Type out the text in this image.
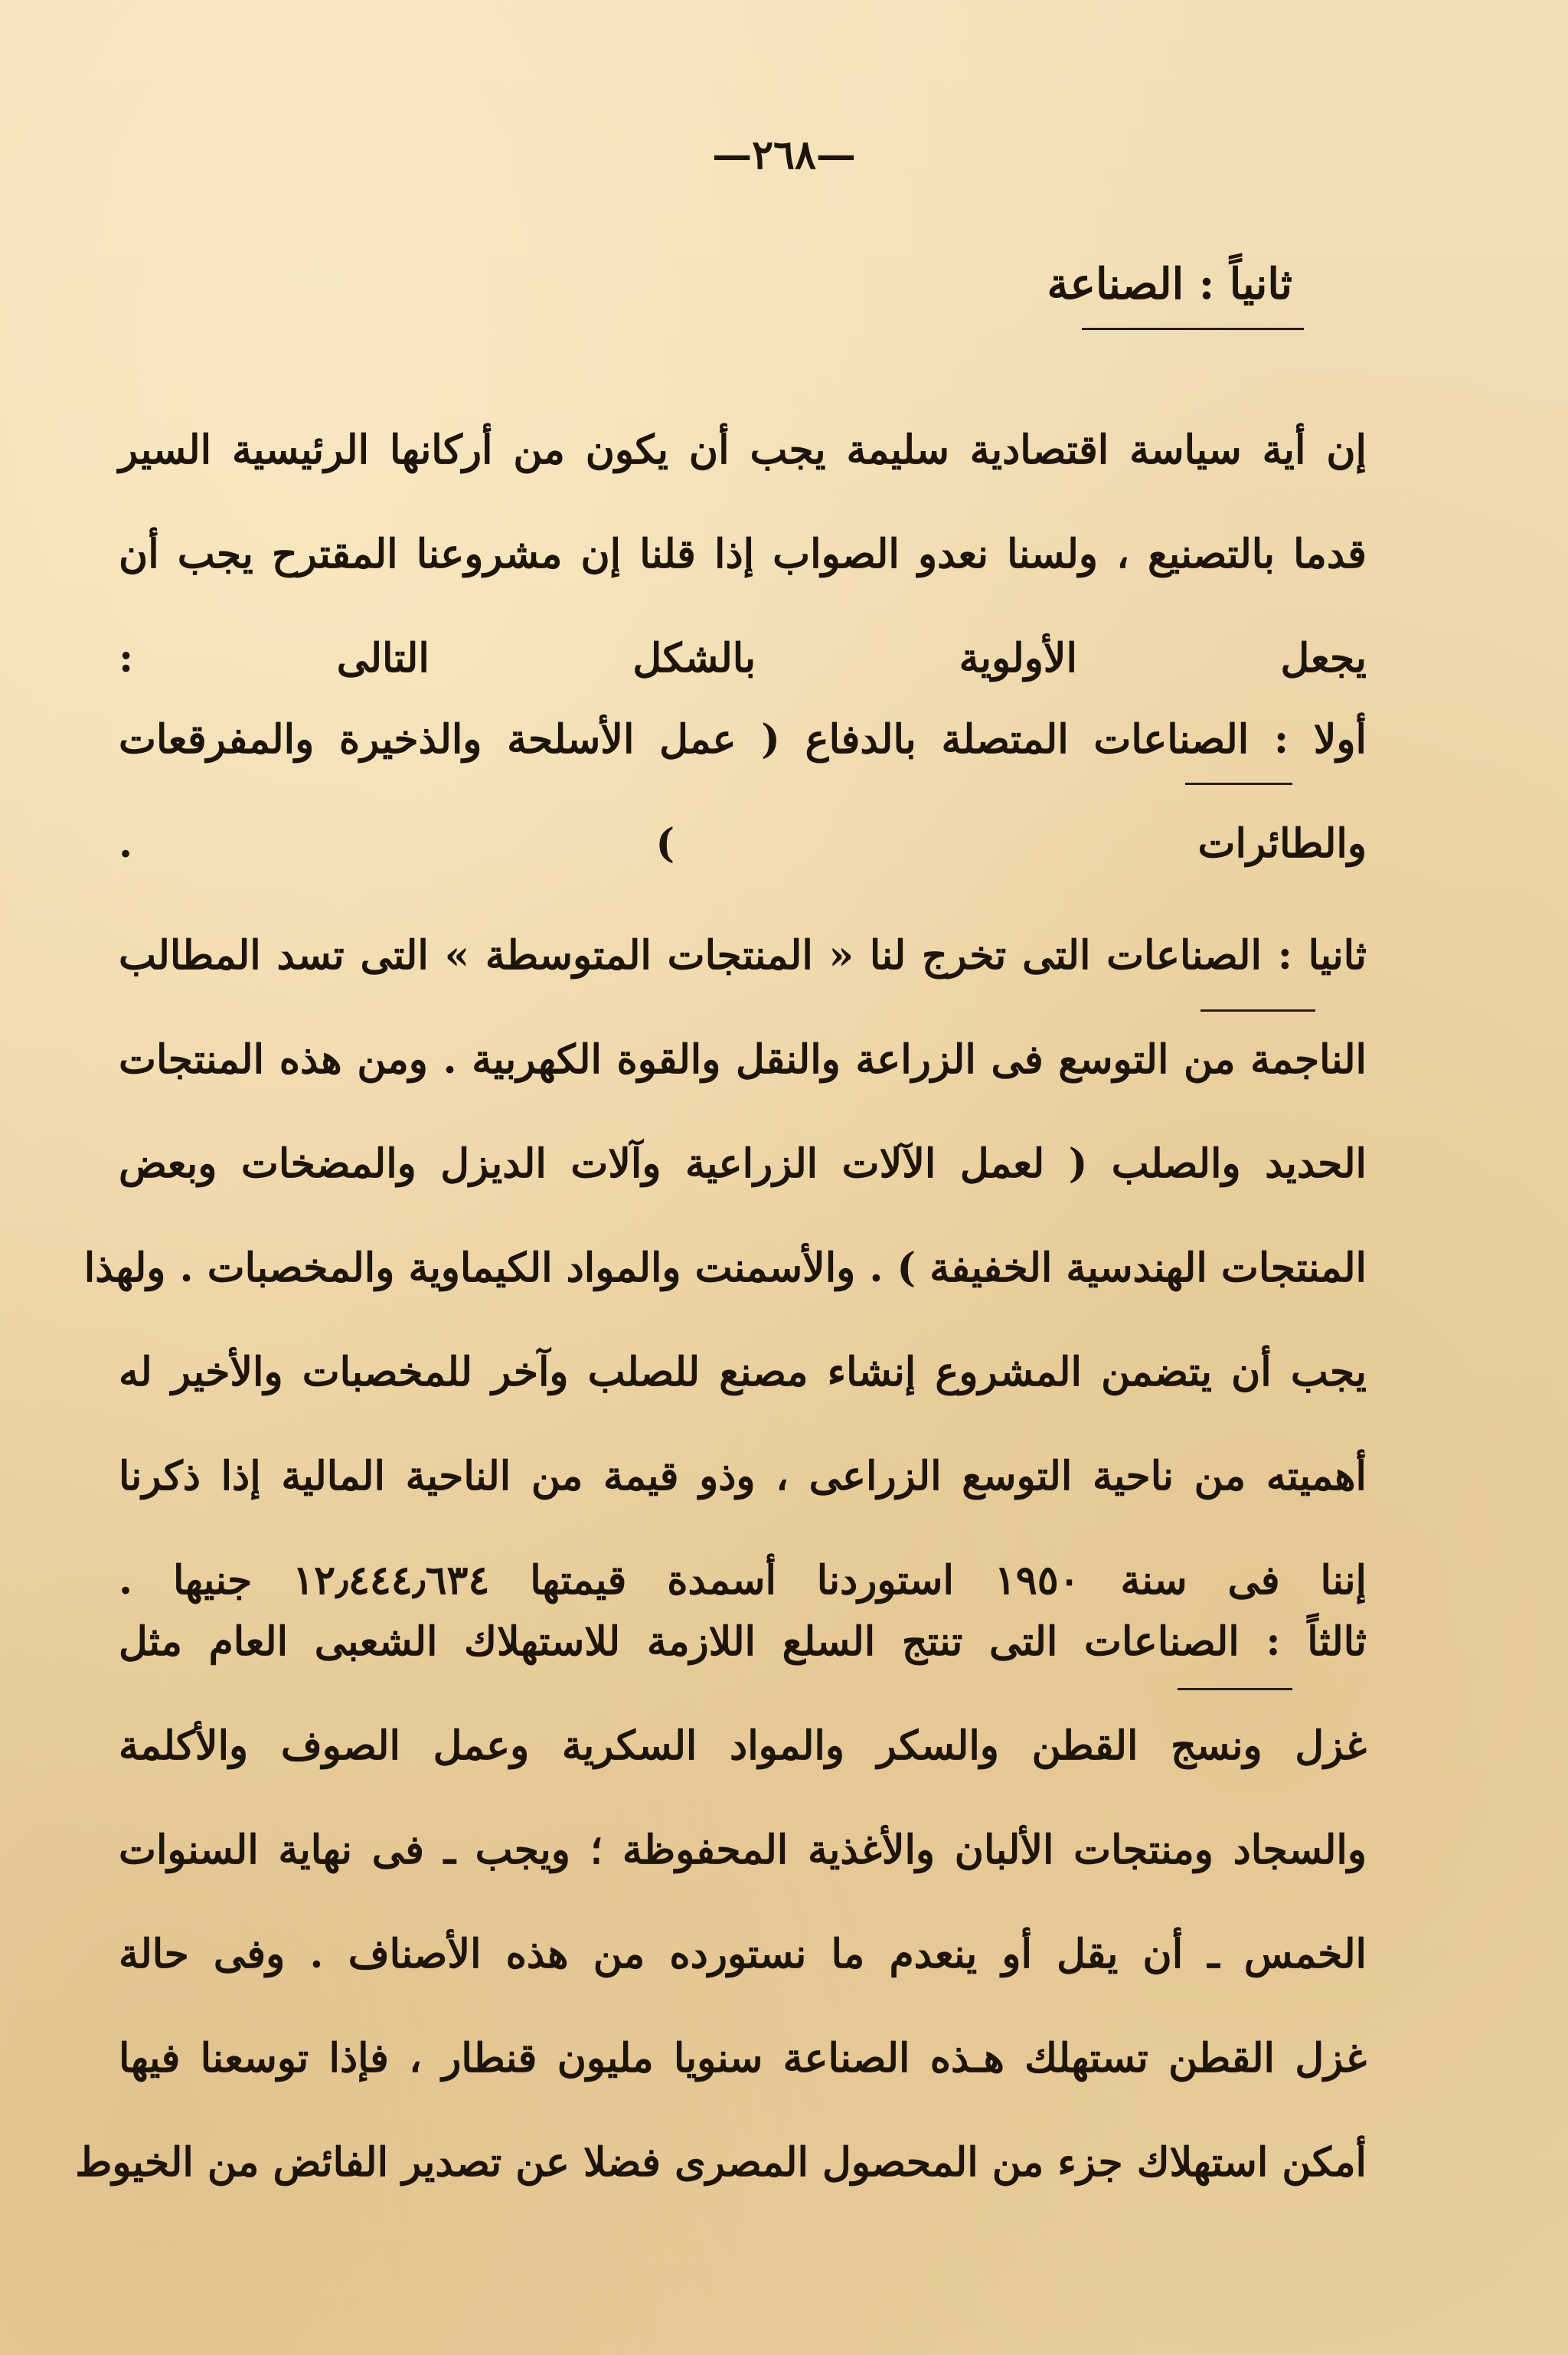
—٢٦٨—
ثانياً : الصناعة
إن أية سياسة اقتصادية سليمة يجب أن يكون من أركانها الرئيسية السير
قدما بالتصنيع ، ولسنا نعدو الصواب إذا قلنا إن مشروعنا المقترح يجب أن
يجعل الأولوية بالشكل التالى :
أولا : الصناعات المتصلة بالدفاع ( عمل الأسلحة والذخيرة والمفرقعات
والطائرات ) .
ثانيا : الصناعات التى تخرج لنا « المنتجات المتوسطة » التى تسد المطالب
الناجمة من التوسع فى الزراعة والنقل والقوة الكهربية . ومن هذه المنتجات
الحديد والصلب ( لعمل الآلات الزراعية وآلات الديزل والمضخات وبعض
المنتجات الهندسية الخفيفة ) . والأسمنت والمواد الكيماوية والمخصبات . ولهذا
يجب أن يتضمن المشروع إنشاء مصنع للصلب وآخر للمخصبات والأخير له
أهميته من ناحية التوسع الزراعى ، وذو قيمة من الناحية المالية إذا ذكرنا
إننا فى سنة ١٩٥٠ استوردنا أسمدة قيمتها ١٢٫٤٤٤٫٦٣٤ جنيها .
ثالثاً : الصناعات التى تنتج السلع اللازمة للاستهلاك الشعبى العام مثل
غزل ونسج القطن والسكر والمواد السكرية وعمل الصوف والأكلمة
والسجاد ومنتجات الألبان والأغذية المحفوظة ؛ ويجب ـ فى نهاية السنوات
الخمس ـ أن يقل أو ينعدم ما نستورده من هذه الأصناف . وفى حالة
غزل القطن تستهلك هـذه الصناعة سنويا مليون قنطار ، فإذا توسعنا فيها
أمكن استهلاك جزء من المحصول المصرى فضلا عن تصدير الفائض من الخيوط
